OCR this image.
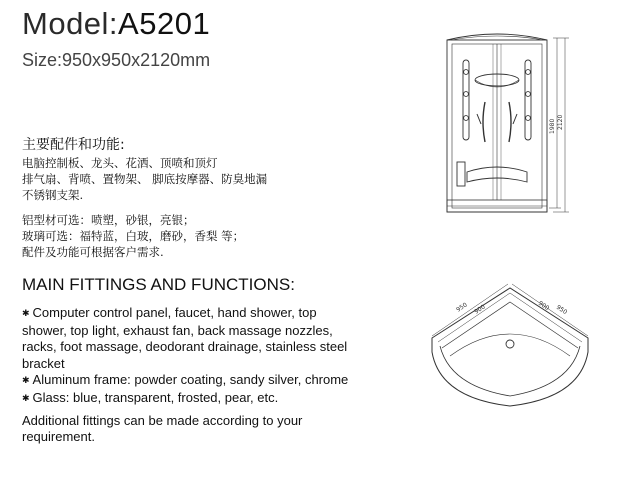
Model:A5201
Size:950x950x2120mm
主要配件和功能:
电脑控制板、龙头、花洒、顶喷和顶灯
排气扇、背喷、置物架、 脚底按摩器、防臭地漏
不锈钢支架.
铝型材可选：喷塑，砂银，亮银；
玻璃可选：福特蓝，白玻，磨砂，香梨 等；
配件及功能可根据客户需求.
MAIN FITTINGS AND FUNCTIONS:

✱ Computer control panel, faucet, hand shower, top shower, top light, exhaust fan, back massage nozzles, racks, foot massage, deodorant drainage, stainless steel bracket

✱ Aluminum frame: powder coating, sandy silver, chrome

✱ Glass: blue, transparent, frosted, pear, etc.

Additional fittings can be made according to your requirement.

2120
1980
950 900	900 950
